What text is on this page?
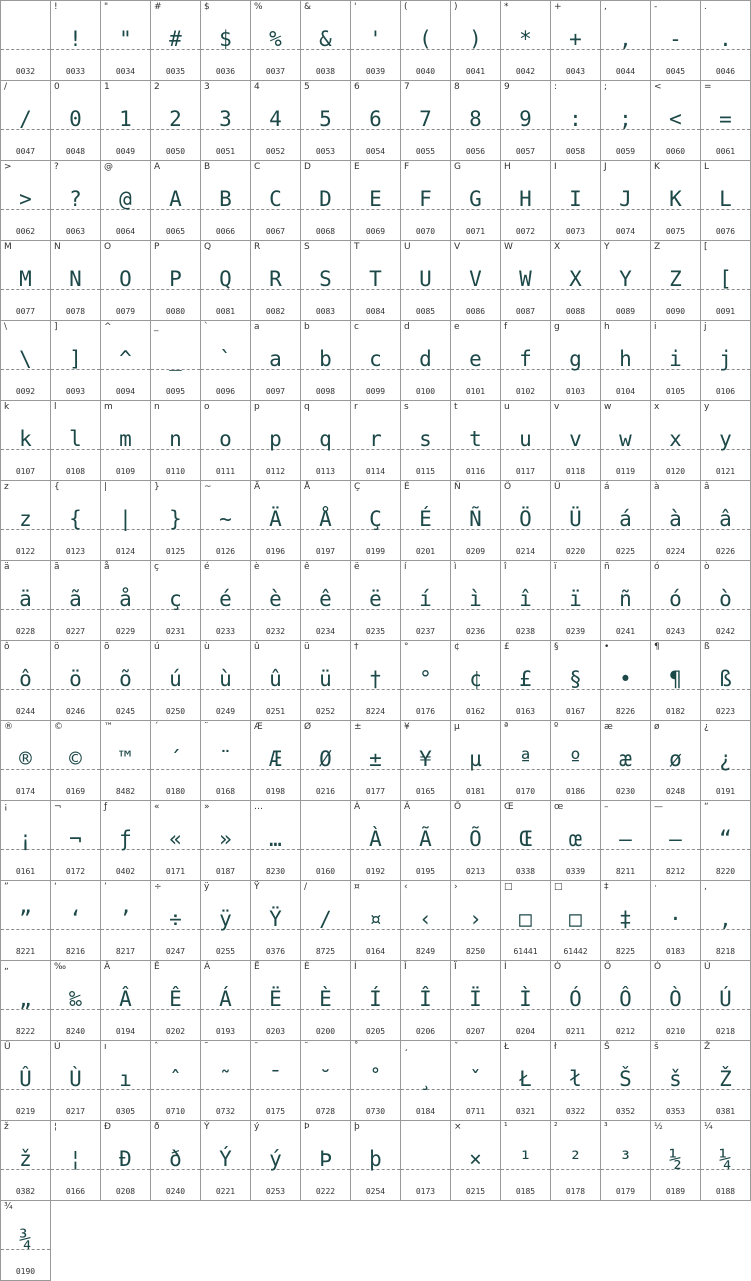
0032
!
!
0033
"
"
0034
#
#
0035
$
$
0036
%
%
0037
&
&
0038
'
'
0039
(
(
0040
)
)
0041
*
*
0042
+
+
0043
,
,
0044
-
-
0045
.
.
0046
/
/
0047
0
0
0048
1
1
0049
2
2
0050
3
3
0051
4
4
0052
5
5
0053
6
6
0054
7
7
0055
8
8
0056
9
9
0057
:
:
0058
;
;
0059
<
<
0060
=
=
0061
>
>
0062
?
?
0063
@
@
0064
A
A
0065
B
B
0066
C
C
0067
D
D
0068
E
E
0069
F
F
0070
G
G
0071
H
H
0072
I
I
0073
J
J
0074
K
K
0075
L
L
0076
M
M
0077
N
N
0078
O
O
0079
P
P
0080
Q
Q
0081
R
R
0082
S
S
0083
T
T
0084
U
U
0085
V
V
0086
W
W
0087
X
X
0088
Y
Y
0089
Z
Z
0090
[
[
0091
\
\
0092
]
]
0093
^
^
0094
_
_
0095
`
`
0096
a
a
0097
b
b
0098
c
c
0099
d
d
0100
e
e
0101
f
f
0102
g
g
0103
h
h
0104
i
i
0105
j
j
0106
k
k
0107
l
l
0108
m
m
0109
n
n
0110
o
o
0111
p
p
0112
q
q
0113
r
r
0114
s
s
0115
t
t
0116
u
u
0117
v
v
0118
w
w
0119
x
x
0120
y
y
0121
z
z
0122
{
{
0123
|
|
0124
}
}
0125
~
~
0126
Ä
Ä
0196
Å
Å
0197
Ç
Ç
0199
É
É
0201
Ñ
Ñ
0209
Ö
Ö
0214
Ü
Ü
0220
á
á
0225
à
à
0224
â
â
0226
ä
ä
0228
ã
ã
0227
å
å
0229
ç
ç
0231
é
é
0233
è
è
0232
ê
ê
0234
ë
ë
0235
í
í
0237
ì
ì
0236
î
î
0238
ï
ï
0239
ñ
ñ
0241
ó
ó
0243
ò
ò
0242
ô
ô
0244
ö
ö
0246
õ
õ
0245
ú
ú
0250
ù
ù
0249
û
û
0251
ü
ü
0252
†
†
8224
°
°
0176
¢
¢
0162
£
£
0163
§
§
0167
•
•
8226
¶
¶
0182
ß
ß
0223
®
®
0174
©
©
0169
™
™
8482
´
´
0180
¨
¨
0168
Æ
Æ
0198
Ø
Ø
0216
±
±
0177
¥
¥
0165
µ
µ
0181
ª
ª
0170
º
º
0186
æ
æ
0230
ø
ø
0248
¿
¿
0191
¡
¡
0161
¬
¬
0172
ƒ
ƒ
0402
«
«
0171
»
»
0187
…
…
8230	0160
À
À
0192
Ã
Ã
0195
Õ
Õ
0213
Œ
Œ
0338
œ
œ
0339
–
–
8211
—
—
8212
“
“
8220
”
”
8221
‘
‘
8216
’
’
8217
÷
÷
0247
ÿ
ÿ
0255
Ÿ
Ÿ
0376
∕
∕
8725
¤
¤
0164
‹
‹
8249
›
›
8250
□
□
61441
□
□
61442
‡
‡
8225
·
·
0183
‚
‚
8218
„
„
8222
‰
‰
8240
Â
Â
0194
Ê
Ê
0202
Á
Á
0193
Ë
Ë
0203
È
È
0200
Í
Í
0205
Î
Î
0206
Ï
Ï
0207
Ì
Ì
0204
Ó
Ó
0211
Ô
Ô
0212
Ò
Ò
0210
Ú
Ú
0218
Û
Û
0219
Ù
Ù
0217
ı
ı
0305
ˆ
ˆ
0710
˜
˜
0732
¯
¯
0175
˘
˘
0728
˚
˚
0730
¸
¸
0184
ˇ
ˇ
0711
Ł
Ł
0321
ł
ł
0322
Š
Š
0352
š
š
0353
Ž
Ž
0381
ž
ž
0382
¦
¦
0166
Ð
Ð
0208
ð
ð
0240
Ý
Ý
0221
ý
ý
0253
Þ
Þ
0222
þ
þ
0254	0173
×
×
0215
¹
¹
0185
²
²
0178
³
³
0179
½
½
0189
¼
¼
0188
¾
¾
0190
